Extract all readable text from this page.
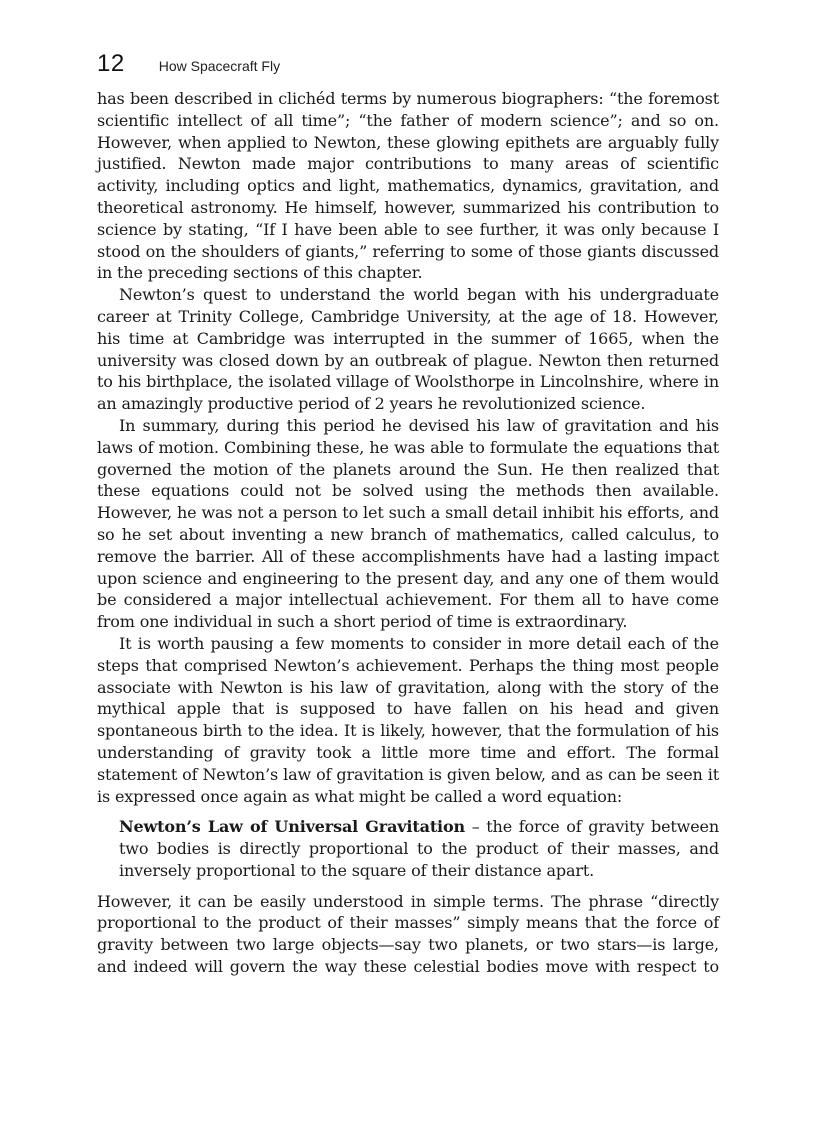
12 How Spacecraft Fly

has been described in clichéd terms by numerous biographers: “the foremost scientific intellect of all time”; “the father of modern science”; and so on. However, when applied to Newton, these glowing epithets are arguably fully justified. Newton made major contributions to many areas of scientific activity, including optics and light, mathematics, dynamics, gravitation, and theoretical astronomy. He himself, however, summarized his contribution to science by stating, “If I have been able to see further, it was only because I stood on the shoulders of giants,” referring to some of those giants discussed in the preceding sections of this chapter.

Newton’s quest to understand the world began with his undergraduate career at Trinity College, Cambridge University, at the age of 18. However, his time at Cambridge was interrupted in the summer of 1665, when the university was closed down by an outbreak of plague. Newton then returned to his birthplace, the isolated village of Woolsthorpe in Lincolnshire, where in an amazingly productive period of 2 years he revolutionized science.

In summary, during this period he devised his law of gravitation and his laws of motion. Combining these, he was able to formulate the equations that governed the motion of the planets around the Sun. He then realized that these equations could not be solved using the methods then available. However, he was not a person to let such a small detail inhibit his efforts, and so he set about inventing a new branch of mathematics, called calculus, to remove the barrier. All of these accomplishments have had a lasting impact upon science and engineering to the present day, and any one of them would be considered a major intellectual achievement. For them all to have come from one individual in such a short period of time is extraordinary.

It is worth pausing a few moments to consider in more detail each of the steps that comprised Newton’s achievement. Perhaps the thing most people associate with Newton is his law of gravitation, along with the story of the mythical apple that is supposed to have fallen on his head and given spontaneous birth to the idea. It is likely, however, that the formulation of his understanding of gravity took a little more time and effort. The formal statement of Newton’s law of gravitation is given below, and as can be seen it is expressed once again as what might be called a word equation:

Newton’s Law of Universal Gravitation – the force of gravity between two bodies is directly proportional to the product of their masses, and inversely proportional to the square of their distance apart.

However, it can be easily understood in simple terms. The phrase “directly proportional to the product of their masses” simply means that the force of gravity between two large objects—say two planets, or two stars—is large, and indeed will govern the way these celestial bodies move with respect to
